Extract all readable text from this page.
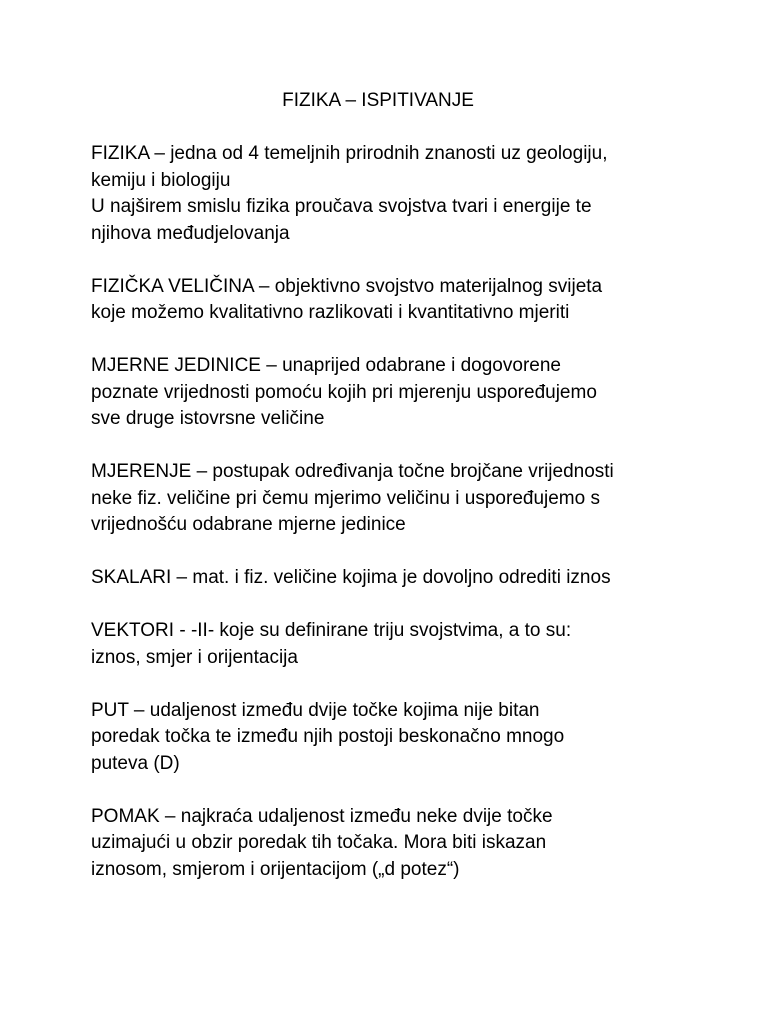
FIZIKA – ISPITIVANJE
FIZIKA – jedna od 4 temeljnih prirodnih znanosti uz geologiju,
kemiju i biologiju
U najširem smislu fizika proučava svojstva tvari i energije te
njihova međudjelovanja
FIZIČKA VELIČINA – objektivno svojstvo materijalnog svijeta
koje možemo kvalitativno razlikovati i kvantitativno mjeriti
MJERNE JEDINICE – unaprijed odabrane i dogovorene
poznate vrijednosti pomoću kojih pri mjerenju uspoređujemo
sve druge istovrsne veličine
MJERENJE – postupak određivanja točne brojčane vrijednosti
neke fiz. veličine pri čemu mjerimo veličinu i uspoređujemo s
vrijednošću odabrane mjerne jedinice
SKALARI – mat. i fiz. veličine kojima je dovoljno odrediti iznos
VEKTORI - -II- koje su definirane triju svojstvima, a to su:
iznos, smjer i orijentacija
PUT – udaljenost između dvije točke kojima nije bitan
poredak točka te između njih postoji beskonačno mnogo
puteva (D)
POMAK – najkraća udaljenost između neke dvije točke
uzimajući u obzir poredak tih točaka. Mora biti iskazan
iznosom, smjerom i orijentacijom („d potez“)
